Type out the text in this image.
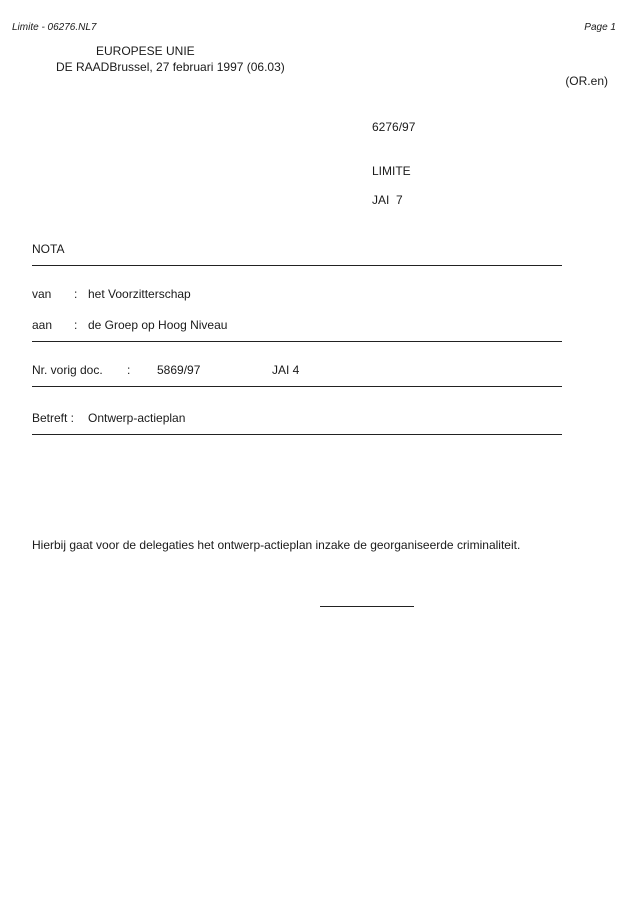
Limite - 06276.NL7	Page 1
EUROPESE UNIE
DE RAADBrussel, 27 februari 1997 (06.03)
(OR.en)
6276/97
LIMITE
JAI  7
NOTA
van : het Voorzitterschap
aan : de Groep op Hoog Niveau
Nr. vorig doc. : 5869/97	JAI 4
Betreft : Ontwerp-actieplan
Hierbij gaat voor de delegaties het ontwerp-actieplan inzake de georganiseerde criminaliteit.
